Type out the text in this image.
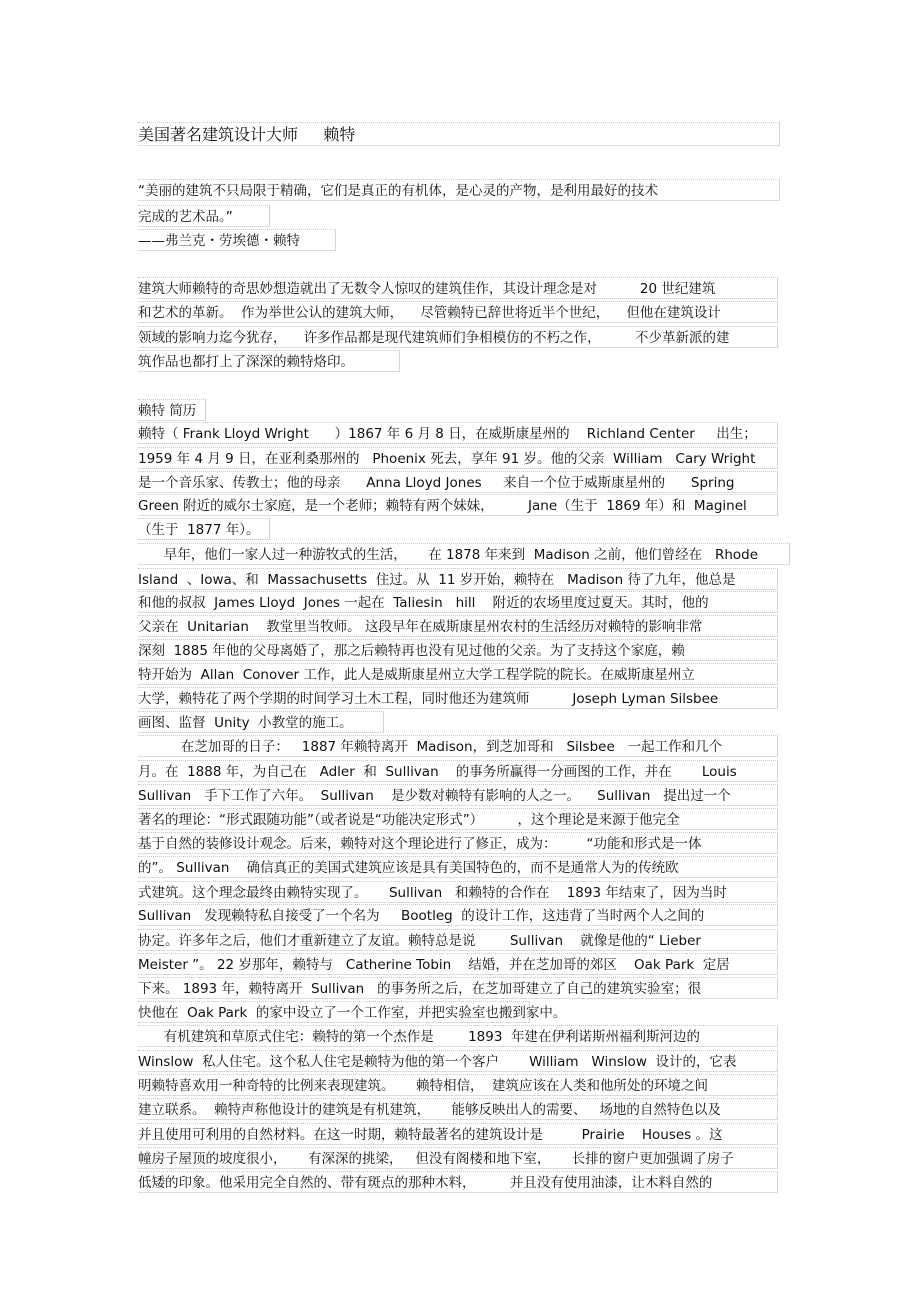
美国著名建筑设计大师     赖特
“美丽的建筑不只局限于精确，它们是真正的有机体，是心灵的产物，是利用最好的技术
完成的艺术品。”
——弗兰克・劳埃德・赖特
建筑大师赖特的奇思妙想造就出了无数令人惊叹的建筑佳作，其设计理念是对          20 世纪建筑
和艺术的革新。  作为举世公认的建筑大师，    尽管赖特已辞世将近半个世纪，    但他在建筑设计
领域的影响力迄今犹存，    许多作品都是现代建筑师们争相模仿的不朽之作，        不少革新派的建
筑作品也都打上了深深的赖特烙印。
赖特 简历
赖特（ Frank Lloyd Wright      ）1867 年 6 月 8 日，在威斯康星州的    Richland Center     出生；
1959 年 4 月 9 日，在亚利桑那州的   Phoenix 死去，享年 91 岁。他的父亲  William   Cary Wright
是一个音乐家、传教士；他的母亲      Anna Lloyd Jones     来自一个位于威斯康星州的      Spring
Green 附近的威尔士家庭，是一个老师；赖特有两个妹妹，        Jane（生于  1869 年）和  Maginel
（生于  1877 年）。
早年，他们一家人过一种游牧式的生活，     在 1878 年来到  Madison 之前，他们曾经在   Rhode
Island  、Iowa、和  Massachusetts  住过。从  11 岁开始，赖特在   Madison 待了九年，他总是
和他的叔叔  James Lloyd  Jones 一起在  Taliesin   hill    附近的农场里度过夏天。其时，他的
父亲在  Unitarian    教堂里当牧师。 这段早年在威斯康星州农村的生活经历对赖特的影响非常
深刻  1885 年他的父母离婚了，那之后赖特再也没有见过他的父亲。为了支持这个家庭，赖
特开始为  Allan  Conover 工作，此人是威斯康星州立大学工程学院的院长。在威斯康星州立
大学，赖特花了两个学期的时间学习土木工程，同时他还为建筑师          Joseph Lyman Silsbee
画图、监督  Unity  小教堂的施工。
在芝加哥的日子：   1887 年赖特离开  Madison，到芝加哥和   Silsbee   一起工作和几个
月。在  1888 年，为自己在   Adler  和  Sullivan    的事务所赢得一分画图的工作，并在       Louis
Sullivan   手下工作了六年。  Sullivan    是少数对赖特有影响的人之一。    Sullivan   提出过一个
著名的理论：“形式跟随功能”（或者说是“功能决定形式”）        ，这个理论是来源于他完全
基于自然的装修设计观念。后来，赖特对这个理论进行了修正，成为：       “功能和形式是一体
的”。 Sullivan    确信真正的美国式建筑应该是具有美国特色的，而不是通常人为的传统欧
式建筑。这个理念最终由赖特实现了。     Sullivan   和赖特的合作在    1893 年结束了，因为当时
Sullivan   发现赖特私自接受了一个名为     Bootleg  的设计工作，这违背了当时两个人之间的
协定。许多年之后，他们才重新建立了友谊。赖特总是说        Sullivan    就像是他的“ Lieber
Meister ”。 22 岁那年，赖特与   Catherine Tobin    结婚，并在芝加哥的郊区    Oak Park  定居
下来。 1893 年，赖特离开  Sullivan   的事务所之后，在芝加哥建立了自己的建筑实验室；很
快他在  Oak Park  的家中设立了一个工作室，并把实验室也搬到家中。
有机建筑和草原式住宅：赖特的第一个杰作是        1893  年建在伊利诺斯州福利斯河边的
Winslow  私人住宅。这个私人住宅是赖特为他的第一个客户       William   Winslow  设计的，它表
明赖特喜欢用一种奇特的比例来表现建筑。     赖特相信，  建筑应该在人类和他所处的环境之间
建立联系。  赖特声称他设计的建筑是有机建筑，     能够反映出人的需要、   场地的自然特色以及
并且使用可利用的自然材料。在这一时期，赖特最著名的建筑设计是         Prairie    Houses 。这
幢房子屋顶的坡度很小，     有深深的挑梁，   但没有阁楼和地下室，     长排的窗户更加强调了房子
低矮的印象。他采用完全自然的、带有斑点的那种木料，        并且没有使用油漆，让木料自然的
